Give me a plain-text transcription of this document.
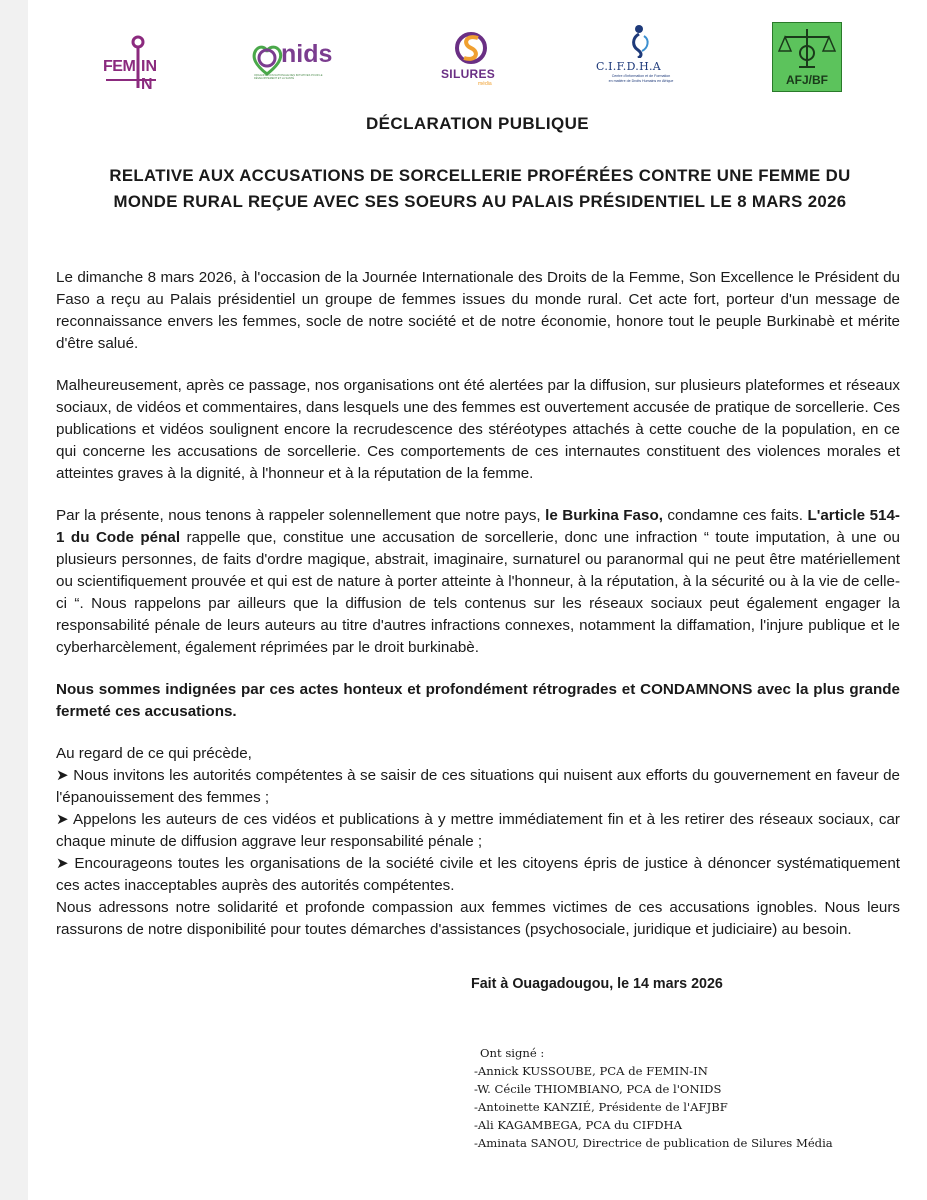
FEM IN
N
nids
ORGANISATION NATIONALE DES INITIATIVES POUR LE DÉVELOPPEMENT ET LA SANTÉ	SILURES
média
C.I.F.D.H.A
Centre d'Information et de Formation
en matière de Droits Humains en Afrique	AFJ/BF
DÉCLARATION PUBLIQUE
RELATIVE AUX ACCUSATIONS DE SORCELLERIE PROFÉRÉES CONTRE UNE FEMME DU
MONDE RURAL REÇUE AVEC SES SOEURS AU PALAIS PRÉSIDENTIEL LE 8 MARS 2026

Le dimanche 8 mars 2026, à l'occasion de la Journée Internationale des Droits de la Femme, Son Excellence le Président du Faso a reçu au Palais présidentiel un groupe de femmes issues du monde rural. Cet acte fort, porteur d'un message de reconnaissance envers les femmes, socle de notre société et de notre économie, honore tout le peuple Burkinabè et mérite d'être salué.

Malheureusement, après ce passage, nos organisations ont été alertées par la diffusion, sur plusieurs plateformes et réseaux sociaux, de vidéos et commentaires, dans lesquels une des femmes est ouvertement accusée de pratique de sorcellerie. Ces publications et vidéos soulignent encore la recrudescence des stéréotypes attachés à cette couche de la population, en ce qui concerne les accusations de sorcellerie. Ces comportements de ces internautes constituent des violences morales et atteintes graves à la dignité, à l'honneur et à la réputation de la femme.

Par la présente, nous tenons à rappeler solennellement que notre pays, le Burkina Faso, condamne ces faits. L'article 514-1 du Code pénal rappelle que, constitue une accusation de sorcellerie, donc une infraction “ toute imputation, à une ou plusieurs personnes, de faits d'ordre magique, abstrait, imaginaire, surnaturel ou paranormal qui ne peut être matériellement ou scientifiquement prouvée et qui est de nature à porter atteinte à l'honneur, à la réputation, à la sécurité ou à la vie de celle-ci “. Nous rappelons par ailleurs que la diffusion de tels contenus sur les réseaux sociaux peut également engager la responsabilité pénale de leurs auteurs au titre d'autres infractions connexes, notamment la diffamation, l'injure publique et le cyberharcèlement, également réprimées par le droit burkinabè.

Nous sommes indignées par ces actes honteux et profondément rétrogrades et CONDAMNONS avec la plus grande fermeté ces accusations.

Au regard de ce qui précède,

➤ Nous invitons les autorités compétentes à se saisir de ces situations qui nuisent aux efforts du gouvernement en faveur de l'épanouissement des femmes ;

➤ Appelons les auteurs de ces vidéos et publications à y mettre immédiatement fin et à les retirer des réseaux sociaux, car chaque minute de diffusion aggrave leur responsabilité pénale ;

➤ Encourageons toutes les organisations de la société civile et les citoyens épris de justice à dénoncer systématiquement ces actes inacceptables auprès des autorités compétentes.

Nous adressons notre solidarité et profonde compassion aux femmes victimes de ces accusations ignobles. Nous leurs rassurons de notre disponibilité pour toutes démarches d'assistances (psychosociale, juridique et judiciaire) au besoin.

Fait à Ouagadougou, le 14 mars 2026
Ont signé :
-Annick KUSSOUBE, PCA de FEMIN-IN
-W. Cécile THIOMBIANO, PCA de l'ONIDS
-Antoinette KANZIÉ, Présidente de l'AFJBF
-Ali KAGAMBEGA, PCA du CIFDHA
-Aminata SANOU, Directrice de publication de Silures Média
